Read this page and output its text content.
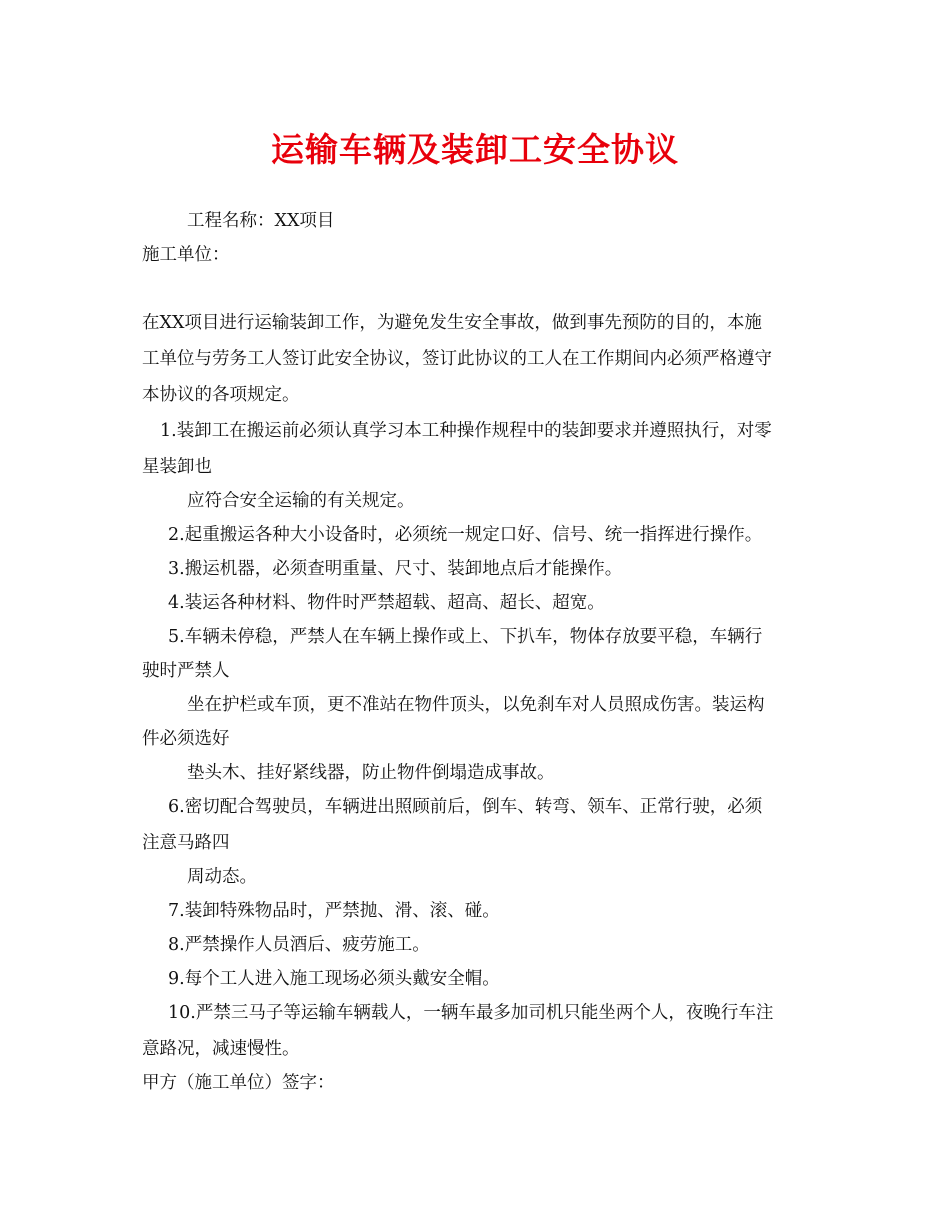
运输车辆及装卸工安全协议

工程名称：XX项目

施工单位：

在XX项目进行运输装卸工作，为避免发生安全事故，做到事先预防的目的，本施

工单位与劳务工人签订此安全协议，签订此协议的工人在工作期间内必须严格遵守

本协议的各项规定。

1.装卸工在搬运前必须认真学习本工种操作规程中的装卸要求并遵照执行，对零

星装卸也

应符合安全运输的有关规定。

2.起重搬运各种大小设备时，必须统一规定口好、信号、统一指挥进行操作。

3.搬运机器，必须查明重量、尺寸、装卸地点后才能操作。

4.装运各种材料、物件时严禁超载、超高、超长、超宽。

5.车辆未停稳，严禁人在车辆上操作或上、下扒车，物体存放要平稳，车辆行

驶时严禁人

坐在护栏或车顶，更不准站在物件顶头，以免刹车对人员照成伤害。装运构

件必须选好

垫头木、挂好紧线器，防止物件倒塌造成事故。

6.密切配合驾驶员，车辆进出照顾前后，倒车、转弯、领车、正常行驶，必须

注意马路四

周动态。

7.装卸特殊物品时，严禁抛、滑、滚、碰。

8.严禁操作人员酒后、疲劳施工。

9.每个工人进入施工现场必须头戴安全帽。

10.严禁三马子等运输车辆载人，一辆车最多加司机只能坐两个人，夜晚行车注

意路况，减速慢性。

甲方（施工单位）签字：
